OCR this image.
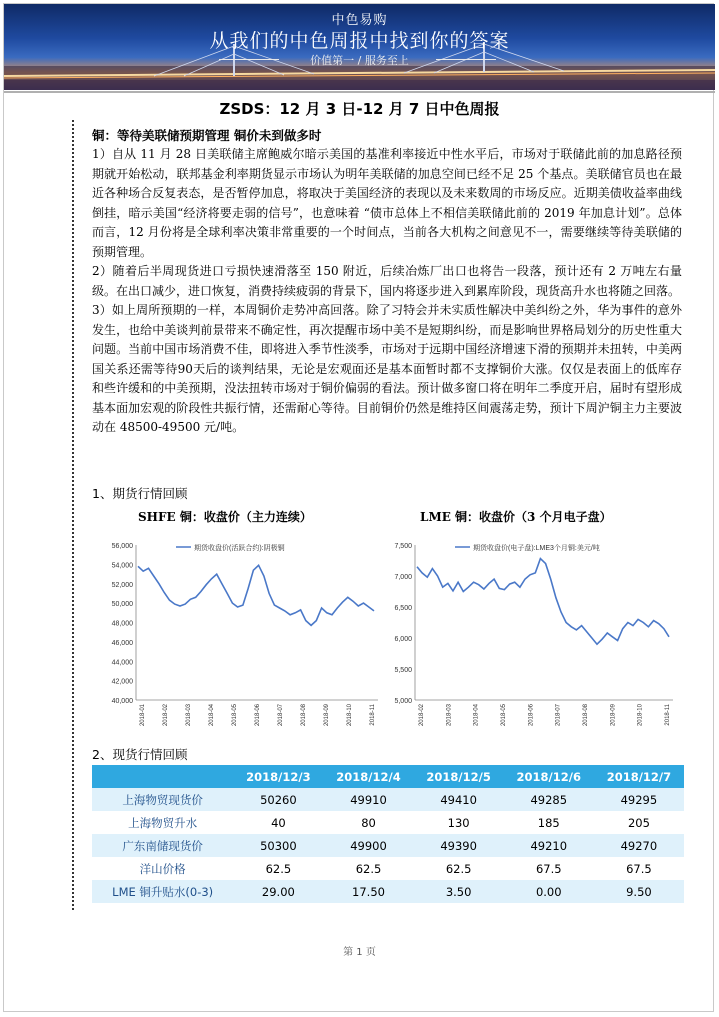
中色易购
从我们的中色周报中找到你的答案
价值第一 / 服务至上
ZSDS：12 月 3 日-12 月 7 日中色周报
铜：等待美联储预期管理 铜价未到做多时

1）自从 11 月 28 日美联储主席鲍威尔暗示美国的基准利率接近中性水平后，市场对于联储此前的加息路径预期就开始松动，联邦基金利率期货显示市场认为明年美联储的加息空间已经不足 25 个基点。美联储官员也在最近各种场合反复表态，是否暂停加息，将取决于美国经济的表现以及未来数周的市场反应。近期美债收益率曲线倒挂，暗示美国“经济将要走弱的信号”，也意味着 “债市总体上不相信美联储此前的 2019 年加息计划”。总体而言，12 月份将是全球利率决策非常重要的一个时间点，当前各大机构之间意见不一，需要继续等待美联储的预期管理。

2）随着后半周现货进口亏损快速滑落至 150 附近，后续冶炼厂出口也将告一段落，预计还有 2 万吨左右量级。在出口减少，进口恢复，消费持续疲弱的背景下，国内将逐步进入到累库阶段，现货高升水也将随之回落。

3）如上周所预期的一样，本周铜价走势冲高回落。除了习特会并未实质性解决中美纠纷之外，华为事件的意外发生，也给中美谈判前景带来不确定性，再次提醒市场中美不是短期纠纷，而是影响世界格局划分的历史性重大问题。当前中国市场消费不佳，即将进入季节性淡季，市场对于远期中国经济增速下滑的预期并未扭转，中美两国关系还需等待90天后的谈判结果，无论是宏观面还是基本面暂时都不支撑铜价大涨。仅仅是表面上的低库存和些许缓和的中美预期，没法扭转市场对于铜价偏弱的看法。预计做多窗口将在明年二季度开启，届时有望形成基本面加宏观的阶段性共振行情，还需耐心等待。目前铜价仍然是维持区间震荡走势，预计下周沪铜主力主要波动在 48500-49500 元/吨。

1、期货行情回顾
SHFE 铜：收盘价（主力连续）	LME 铜：收盘价（3 个月电子盘）
56,000
54,000
52,000
50,000
48,000
46,000
44,000
42,000
40,000
2018-01	2018-02	2018-03	2018-04	2018-05	2018-06	2018-07	2018-08	2018-09	2018-10	2018-11
期货收盘价(活跃合约):阴极铜	7,500
7,000
6,500
6,000
5,500
5,000
2018-02	2018-03	2018-04	2018-05	2018-06	2018-07	2018-08	2018-09	2018-10	2018-11
期货收盘价(电子盘):LME3个月铜:美元/吨
2、现货行情回顾
	2018/12/3	2018/12/4	2018/12/5	2018/12/6	2018/12/7
上海物贸现货价	50260	49910	49410	49285	49295
上海物贸升水	40	80	130	185	205
广东南储现货价	50300	49900	49390	49210	49270
洋山价格	62.5	62.5	62.5	67.5	67.5
LME 铜升贴水(0-3)	29.00	17.50	3.50	0.00	9.50
第 1 页
